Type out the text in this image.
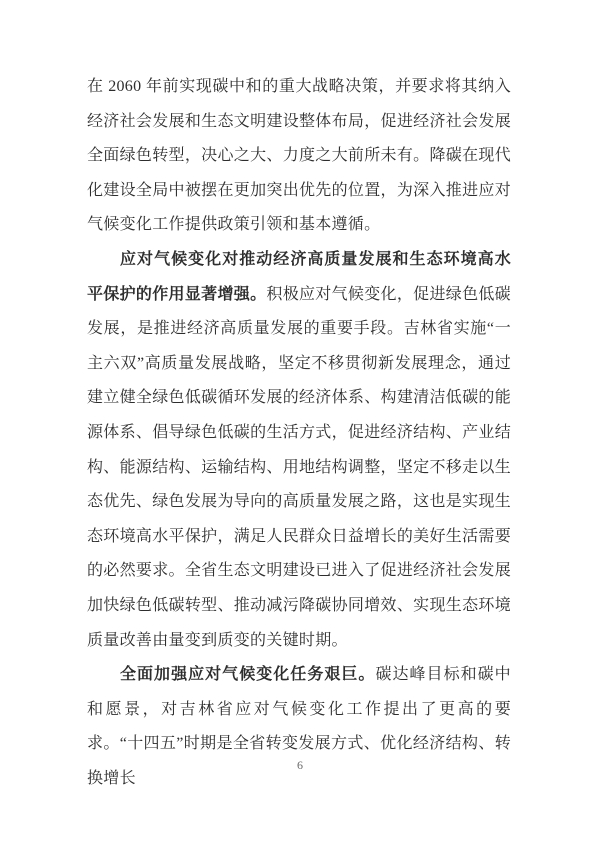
在 2060 年前实现碳中和的重大战略决策，并要求将其纳入经济社会发展和生态文明建设整体布局，促进经济社会发展全面绿色转型，决心之大、力度之大前所未有。降碳在现代化建设全局中被摆在更加突出优先的位置，为深入推进应对气候变化工作提供政策引领和基本遵循。

应对气候变化对推动经济高质量发展和生态环境高水平保护的作用显著增强。积极应对气候变化，促进绿色低碳发展，是推进经济高质量发展的重要手段。吉林省实施“一主六双”高质量发展战略，坚定不移贯彻新发展理念，通过建立健全绿色低碳循环发展的经济体系、构建清洁低碳的能源体系、倡导绿色低碳的生活方式，促进经济结构、产业结构、能源结构、运输结构、用地结构调整，坚定不移走以生态优先、绿色发展为导向的高质量发展之路，这也是实现生态环境高水平保护，满足人民群众日益增长的美好生活需要的必然要求。全省生态文明建设已进入了促进经济社会发展加快绿色低碳转型、推动减污降碳协同增效、实现生态环境质量改善由量变到质变的关键时期。

全面加强应对气候变化任务艰巨。碳达峰目标和碳中和愿景，对吉林省应对气候变化工作提出了更高的要求。“十四五”时期是全省转变发展方式、优化经济结构、转换增长

6
